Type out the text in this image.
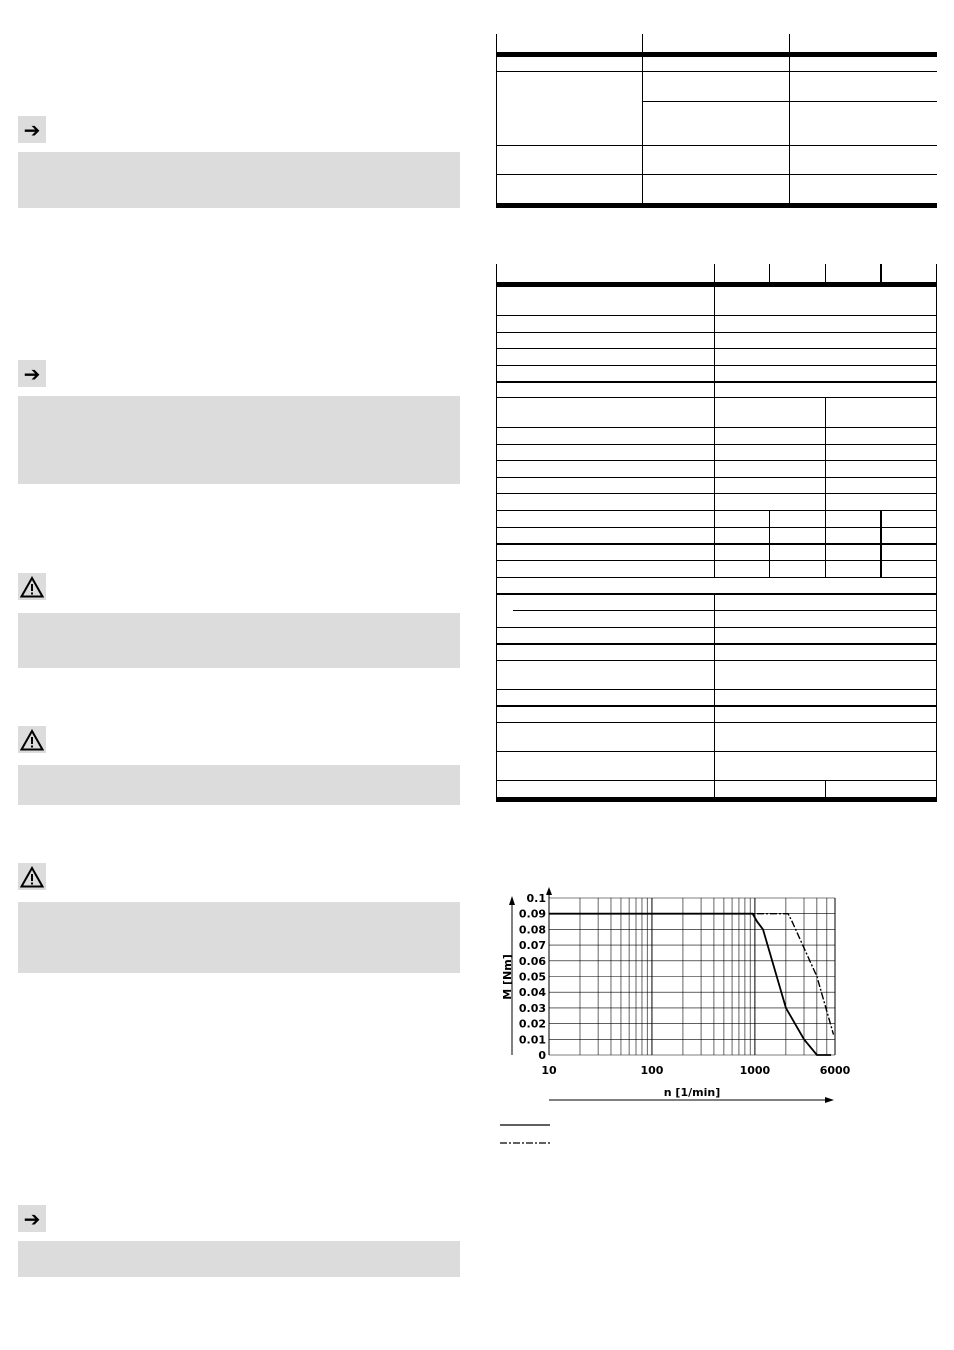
➔
➔
➔
0
0.01
0.02
0.03
0.04
0.05
0.06
0.07
0.08
0.09
0.1
10	100	1000	6000
n [1/min]
M [Nm]
